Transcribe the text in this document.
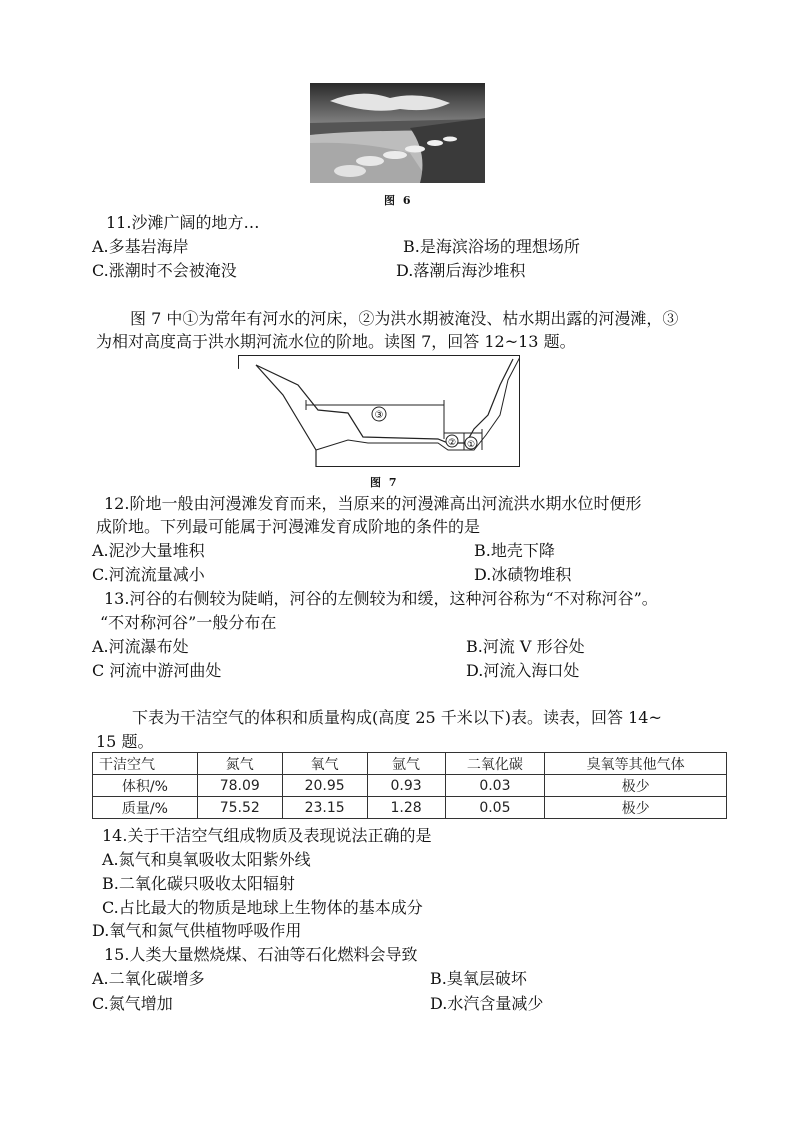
图 6
11.沙滩广阔的地方…
A.多基岩海岸	B.是海滨浴场的理想场所
C.涨潮时不会被淹没	D.落潮后海沙堆积
图 7 中①为常年有河水的河床，②为洪水期被淹没、枯水期出露的河漫滩，③
为相对高度高于洪水期河流水位的阶地。读图 7，回答 12~13 题。
③
② ①
图 7
12.阶地一般由河漫滩发育而来，当原来的河漫滩高出河流洪水期水位时便形
成阶地。下列最可能属于河漫滩发育成阶地的条件的是
A.泥沙大量堆积	B.地壳下降
C.河流流量减小	D.冰碛物堆积
13.河谷的右侧较为陡峭，河谷的左侧较为和缓，这种河谷称为“不对称河谷”。
“不对称河谷”一般分布在
A.河流瀑布处	B.河流 V 形谷处
C 河流中游河曲处	D.河流入海口处
下表为干洁空气的体积和质量构成(高度 25 千米以下)表。读表，回答 14~
15 题。
干洁空气	氮气	氧气	氩气	二氧化碳	臭氧等其他气体
体积/%	78.09	20.95	0.93	0.03	极少
质量/%	75.52	23.15	1.28	0.05	极少
14.关于干洁空气组成物质及表现说法正确的是
A.氮气和臭氧吸收太阳紫外线
B.二氧化碳只吸收太阳辐射
C.占比最大的物质是地球上生物体的基本成分
D.氧气和氮气供植物呼吸作用
15.人类大量燃烧煤、石油等石化燃料会导致
A.二氧化碳增多	B.臭氧层破坏
C.氮气增加	D.水汽含量减少
